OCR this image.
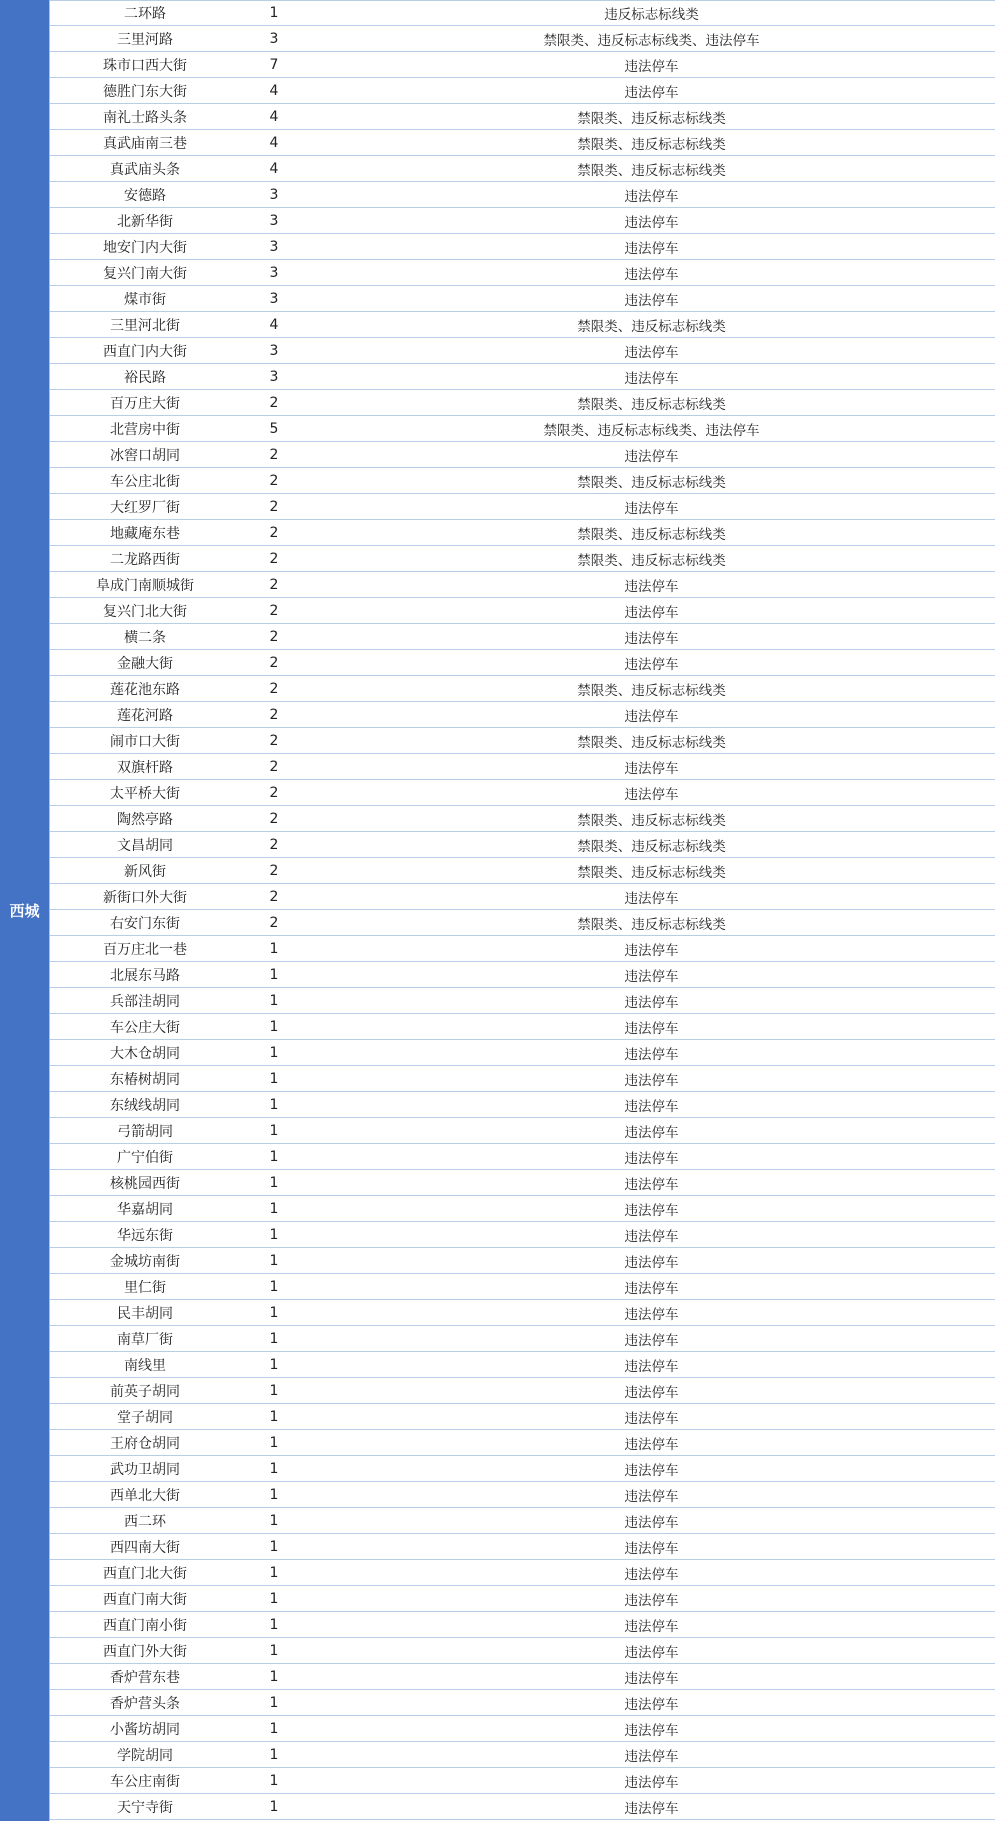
西城
二环路	1	违反标志标线类
三里河路	3	禁限类、违反标志标线类、违法停车
珠市口西大街	7	违法停车
德胜门东大街	4	违法停车
南礼士路头条	4	禁限类、违反标志标线类
真武庙南三巷	4	禁限类、违反标志标线类
真武庙头条	4	禁限类、违反标志标线类
安德路	3	违法停车
北新华街	3	违法停车
地安门内大街	3	违法停车
复兴门南大街	3	违法停车
煤市街	3	违法停车
三里河北街	4	禁限类、违反标志标线类
西直门内大街	3	违法停车
裕民路	3	违法停车
百万庄大街	2	禁限类、违反标志标线类
北营房中街	5	禁限类、违反标志标线类、违法停车
冰窖口胡同	2	违法停车
车公庄北街	2	禁限类、违反标志标线类
大红罗厂街	2	违法停车
地藏庵东巷	2	禁限类、违反标志标线类
二龙路西街	2	禁限类、违反标志标线类
阜成门南顺城街	2	违法停车
复兴门北大街	2	违法停车
横二条	2	违法停车
金融大街	2	违法停车
莲花池东路	2	禁限类、违反标志标线类
莲花河路	2	违法停车
闹市口大街	2	禁限类、违反标志标线类
双旗杆路	2	违法停车
太平桥大街	2	违法停车
陶然亭路	2	禁限类、违反标志标线类
文昌胡同	2	禁限类、违反标志标线类
新风街	2	禁限类、违反标志标线类
新街口外大街	2	违法停车
右安门东街	2	禁限类、违反标志标线类
百万庄北一巷	1	违法停车
北展东马路	1	违法停车
兵部洼胡同	1	违法停车
车公庄大街	1	违法停车
大木仓胡同	1	违法停车
东椿树胡同	1	违法停车
东绒线胡同	1	违法停车
弓箭胡同	1	违法停车
广宁伯街	1	违法停车
核桃园西街	1	违法停车
华嘉胡同	1	违法停车
华远东街	1	违法停车
金城坊南街	1	违法停车
里仁街	1	违法停车
民丰胡同	1	违法停车
南草厂街	1	违法停车
南线里	1	违法停车
前英子胡同	1	违法停车
堂子胡同	1	违法停车
王府仓胡同	1	违法停车
武功卫胡同	1	违法停车
西单北大街	1	违法停车
西二环	1	违法停车
西四南大街	1	违法停车
西直门北大街	1	违法停车
西直门南大街	1	违法停车
西直门南小街	1	违法停车
西直门外大街	1	违法停车
香炉营东巷	1	违法停车
香炉营头条	1	违法停车
小酱坊胡同	1	违法停车
学院胡同	1	违法停车
车公庄南街	1	违法停车
天宁寺街	1	违法停车
